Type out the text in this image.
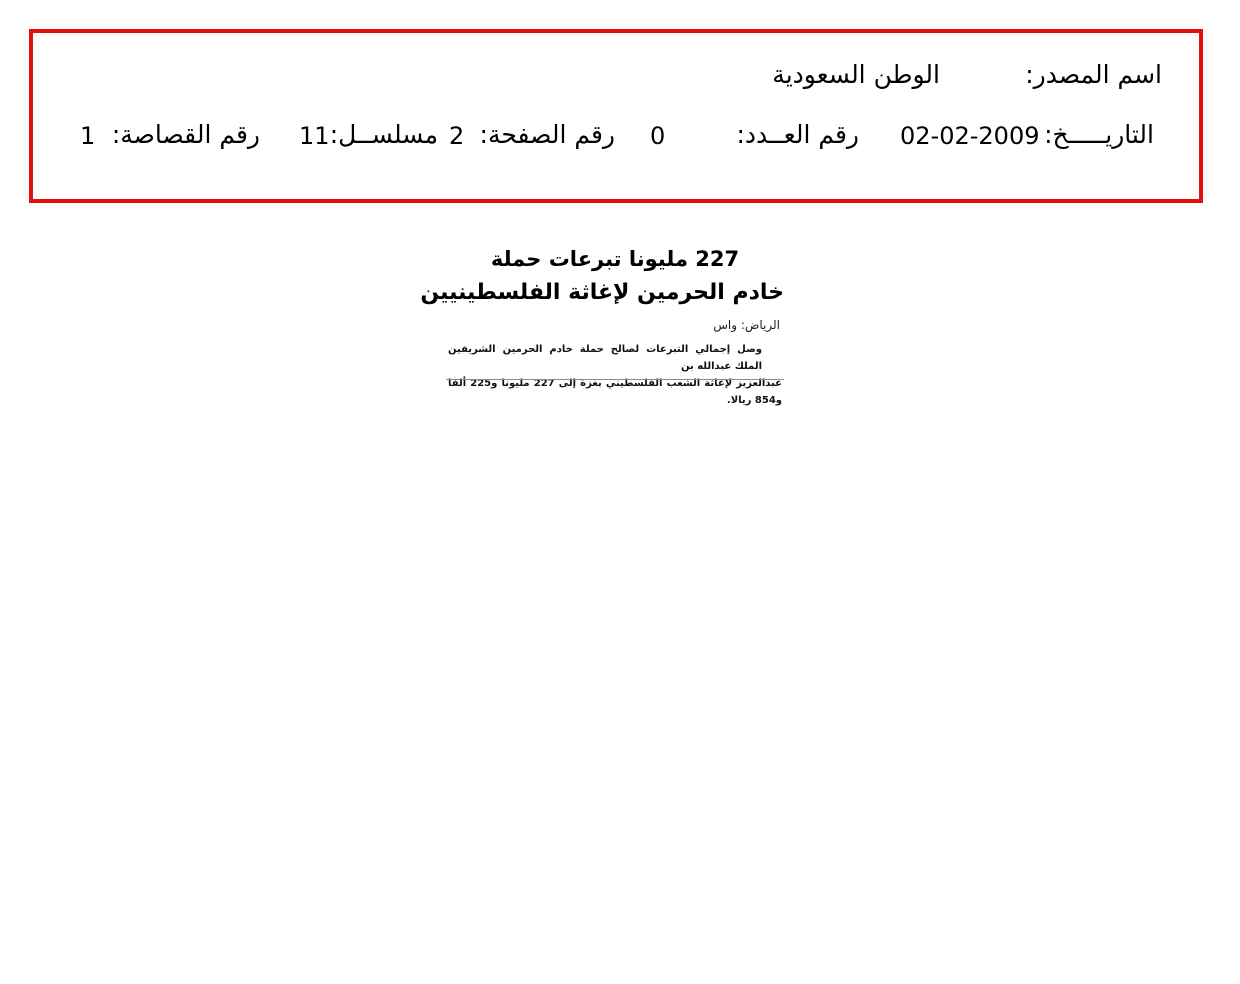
اسم المصدر:
الوطن السعودية
التاريـــــخ:
02-02-2009
رقم العــدد:
0
رقم الصفحة:
2
مسلســل:
11
رقم القصاصة:
1
227 مليونا تبرعات حملة
خادم الحرمين لإغاثة الفلسطينيين
الرياض: واس
وصل إجمالي التبرعات لصالح حملة خادم الحرمين الشريفين الملك عبدالله بن
عبدالعزيز لإغاثة الشعب الفلسطيني بغزة إلى 227 مليونا و225 ألفا و854 ريالا.
